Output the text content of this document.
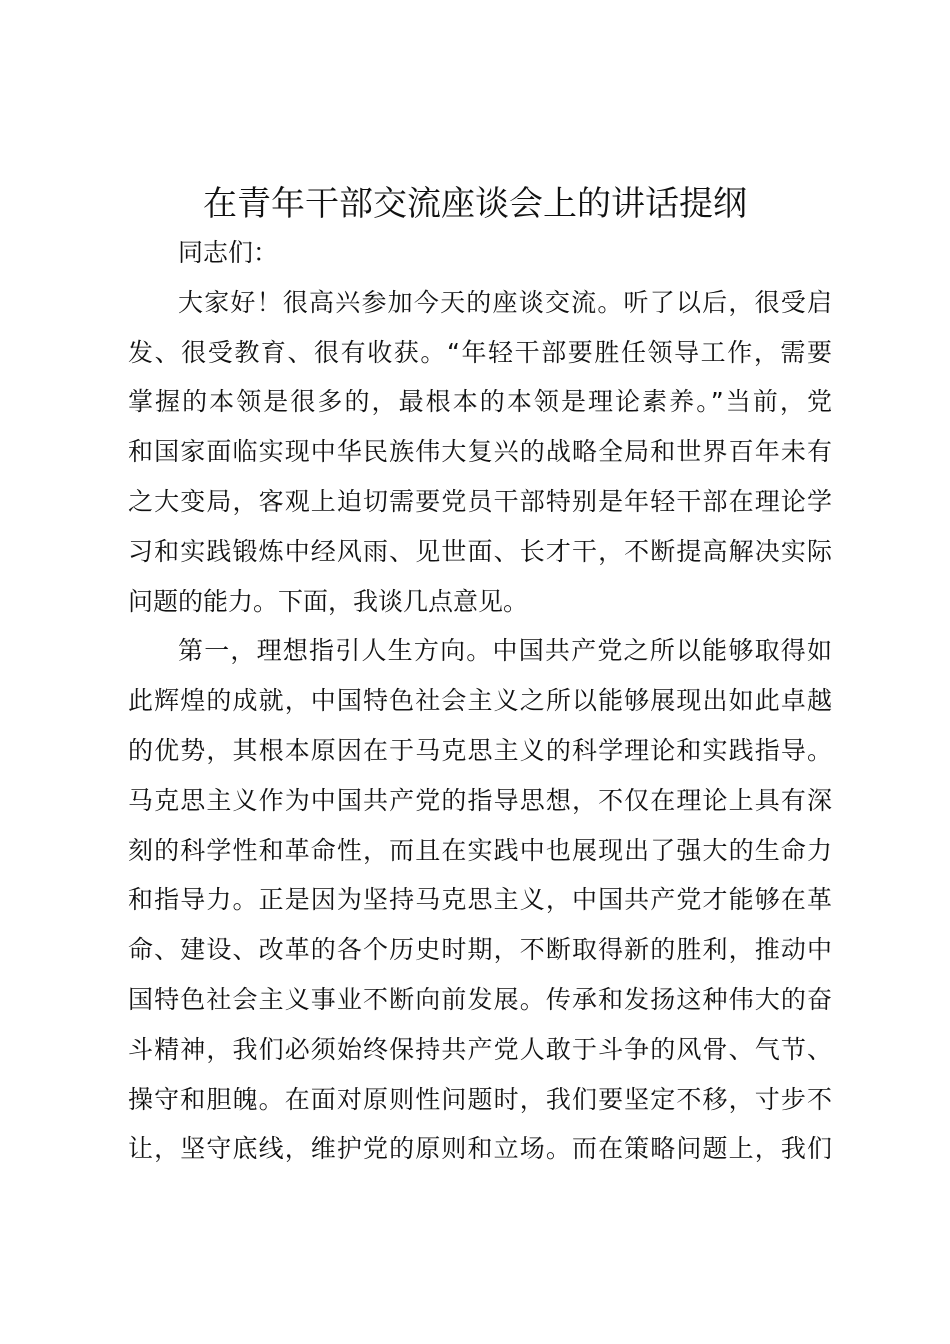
在青年干部交流座谈会上的讲话提纲
同志们：
大家好！很高兴参加今天的座谈交流。听了以后，很受启
发、很受教育、很有收获。“年轻干部要胜任领导工作，需要
掌握的本领是很多的，最根本的本领是理论素养。”当前，党
和国家面临实现中华民族伟大复兴的战略全局和世界百年未有
之大变局，客观上迫切需要党员干部特别是年轻干部在理论学
习和实践锻炼中经风雨、见世面、长才干，不断提高解决实际
问题的能力。下面，我谈几点意见。
第一，理想指引人生方向。中国共产党之所以能够取得如
此辉煌的成就，中国特色社会主义之所以能够展现出如此卓越
的优势，其根本原因在于马克思主义的科学理论和实践指导。
马克思主义作为中国共产党的指导思想，不仅在理论上具有深
刻的科学性和革命性，而且在实践中也展现出了强大的生命力
和指导力。正是因为坚持马克思主义，中国共产党才能够在革
命、建设、改革的各个历史时期，不断取得新的胜利，推动中
国特色社会主义事业不断向前发展。传承和发扬这种伟大的奋
斗精神，我们必须始终保持共产党人敢于斗争的风骨、气节、
操守和胆魄。在面对原则性问题时，我们要坚定不移，寸步不
让，坚守底线，维护党的原则和立场。而在策略问题上，我们
